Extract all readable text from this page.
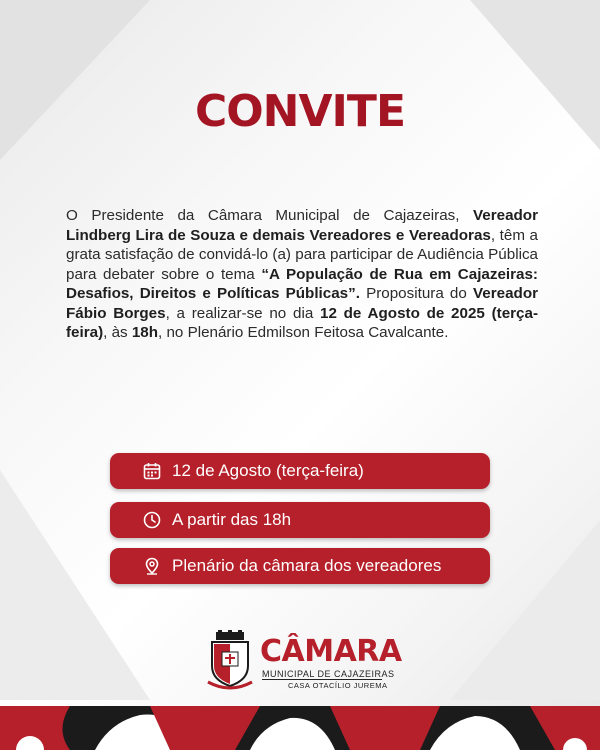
CONVITE

O Presidente da Câmara Municipal de Cajazeiras, Vereador Lindberg Lira de Souza e demais Vereadores e Vereadoras, têm a grata satisfação de convidá-lo (a) para participar de Audiência Pública para debater sobre o tema “A População de Rua em Cajazeiras: Desafios, Direitos e Políticas Públicas”. Propositura do Vereador Fábio Borges, a realizar-se no dia 12 de Agosto de 2025 (terça-feira), às 18h, no Plenário Edmilson Feitosa Cavalcante.

12 de Agosto (terça-feira)
A partir das 18h
Plenário da câmara dos vereadores
CÂMARA
MUNICIPAL DE CAJAZEIRAS
CASA OTACÍLIO JUREMA
